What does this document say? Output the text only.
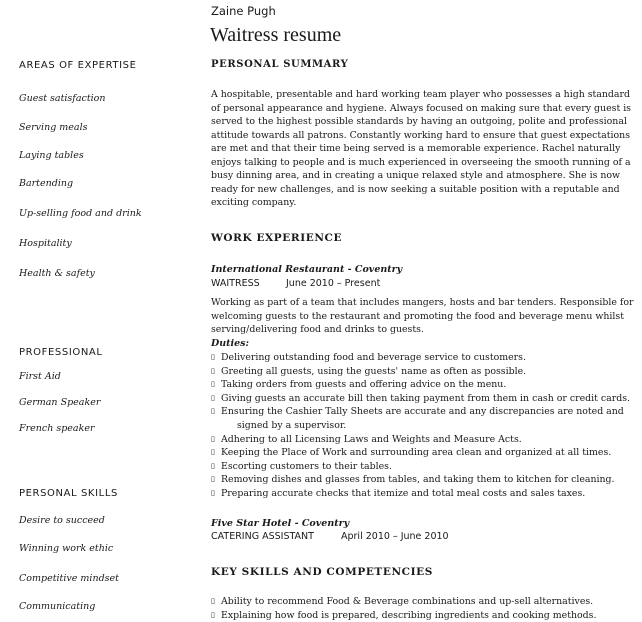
Zaine Pugh
Waitress resume
AREAS OF EXPERTISE
Guest satisfaction
Serving meals
Laying tables
Bartending
Up-selling food and drink
Hospitality
Health & safety
PROFESSIONAL
First Aid
German Speaker
French speaker
PERSONAL SKILLS
Desire to succeed
Winning work ethic
Competitive mindset
Communicating
PERSONAL SUMMARY
A hospitable, presentable and hard working team player who possesses a high standard of personal appearance and hygiene. Always focused on making sure that every guest is served to the highest possible standards by having an outgoing, polite and professional attitude towards all patrons. Constantly working hard to ensure that guest expectations are met and that their time being served is a memorable experience. Rachel naturally enjoys talking to people and is much experienced in overseeing the smooth running of a busy dinning area, and in creating a unique relaxed style and atmosphere. She is now ready for new challenges, and is now seeking a suitable position with a reputable and exciting company.
WORK EXPERIENCE
International Restaurant - Coventry
WAITRESS	June 2010 – Present
Working as part of a team that includes mangers, hosts and bar tenders. Responsible for welcoming guests to the restaurant and promoting the food and beverage menu whilst serving/delivering food and drinks to guests.
Duties:
▯ Delivering outstanding food and beverage service to customers.
▯ Greeting all guests, using the guests' name as often as possible.
▯ Taking orders from guests and offering advice on the menu.
▯ Giving guests an accurate bill then taking payment from them in cash or credit cards.
▯ Ensuring the Cashier Tally Sheets are accurate and any discrepancies are noted and
signed by a supervisor.
▯ Adhering to all Licensing Laws and Weights and Measure Acts.
▯ Keeping the Place of Work and surrounding area clean and organized at all times.
▯ Escorting customers to their tables.
▯ Removing dishes and glasses from tables, and taking them to kitchen for cleaning.
▯ Preparing accurate checks that itemize and total meal costs and sales taxes.
Five Star Hotel - Coventry
CATERING ASSISTANT	April 2010 – June 2010
KEY SKILLS AND COMPETENCIES
▯ Ability to recommend Food & Beverage combinations and up-sell alternatives.
▯ Explaining how food is prepared, describing ingredients and cooking methods.
